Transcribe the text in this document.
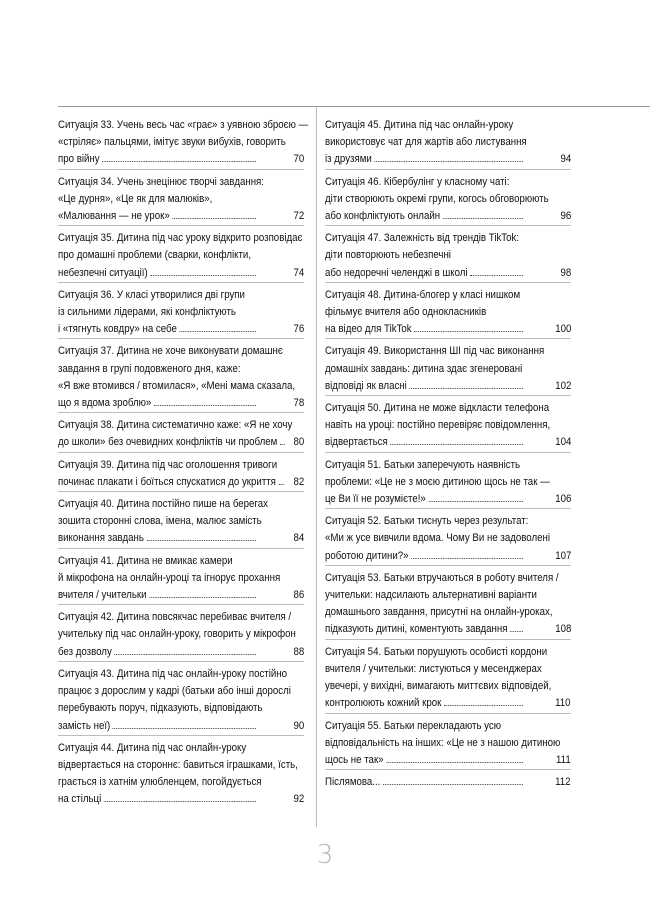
Ситуація 33. Учень весь час «грає» з уявною зброєю —
«стріляє» пальцями, імітує звуки вибухів, говорить
про війну	70
Ситуація 34. Учень знецінює творчі завдання:
«Це дурня», «Це як для малюків»,
«Малювання — не урок»	72
Ситуація 35. Дитина під час уроку відкрито розповідає
про домашні проблеми (сварки, конфлікти,
небезпечні ситуації)	74
Ситуація 36. У класі утворилися дві групи
із сильними лідерами, які конфліктують
і «тягнуть ковдру» на себе	76
Ситуація 37. Дитина не хоче виконувати домашнє
завдання в групі подовженого дня, каже:
«Я вже втомився / втомилася», «Мені мама сказала,
що я вдома зроблю»	78
Ситуація 38. Дитина систематично каже: «Я не хочу
до школи» без очевидних конфліктів чи проблем 80
Ситуація 39. Дитина під час оголошення тривоги
починає плакати і боїться спускатися до укриття 82
Ситуація 40. Дитина постійно пише на берегах
зошита сторонні слова, імена, малює замість
виконання завдань	84
Ситуація 41. Дитина не вмикає камери
й мікрофона на онлайн-уроці та ігнорує прохання
вчителя / учительки	86
Ситуація 42. Дитина повсякчас перебиває вчителя /
учительку під час онлайн-уроку, говорить у мікрофон
без дозволу	88
Ситуація 43. Дитина під час онлайн-уроку постійно
працює з дорослим у кадрі (батьки або інші дорослі
перебувають поруч, підказують, відповідають
замість неї)	90
Ситуація 44. Дитина під час онлайн-уроку
відвертається на стороннє: бавиться іграшками, їсть,
грається із хатнім улюбленцем, погойдується
на стільці	92
Ситуація 45. Дитина під час онлайн-уроку
використовує чат для жартів або листування
із друзями	94
Ситуація 46. Кібербулінг у класному чаті:
діти створюють окремі групи, когось обговорюють
або конфліктують онлайн	96
Ситуація 47. Залежність від трендів TikTok:
діти повторюють небезпечні
або недоречні челенджі в школі	98
Ситуація 48. Дитина-блогер у класі нишком
фільмує вчителя або однокласників
на відео для TikTok	100
Ситуація 49. Використання ШІ під час виконання
домашніх завдань: дитина здає згенеровані
відповіді як власні	102
Ситуація 50. Дитина не може відкласти телефона
навіть на уроці: постійно перевіряє повідомлення,
відвертається	104
Ситуація 51. Батьки заперечують наявність
проблеми: «Це не з моєю дитиною щось не так —
це Ви її не розумієте!»	106
Ситуація 52. Батьки тиснуть через результат:
«Ми ж усе вивчили вдома. Чому Ви не задоволені
роботою дитини?»	107
Ситуація 53. Батьки втручаються в роботу вчителя /
учительки: надсилають альтернативні варіанти
домашнього завдання, присутні на онлайн-уроках,
підказують дитині, коментують завдання	108
Ситуація 54. Батьки порушують особисті кордони
вчителя / учительки: листуються у месенджерах
увечері, у вихідні, вимагають миттєвих відповідей,
контролюють кожний крок	110
Ситуація 55. Батьки перекладають усю
відповідальність на інших: «Це не з нашою дитиною
щось не так»	111
Післямова...	112
3
